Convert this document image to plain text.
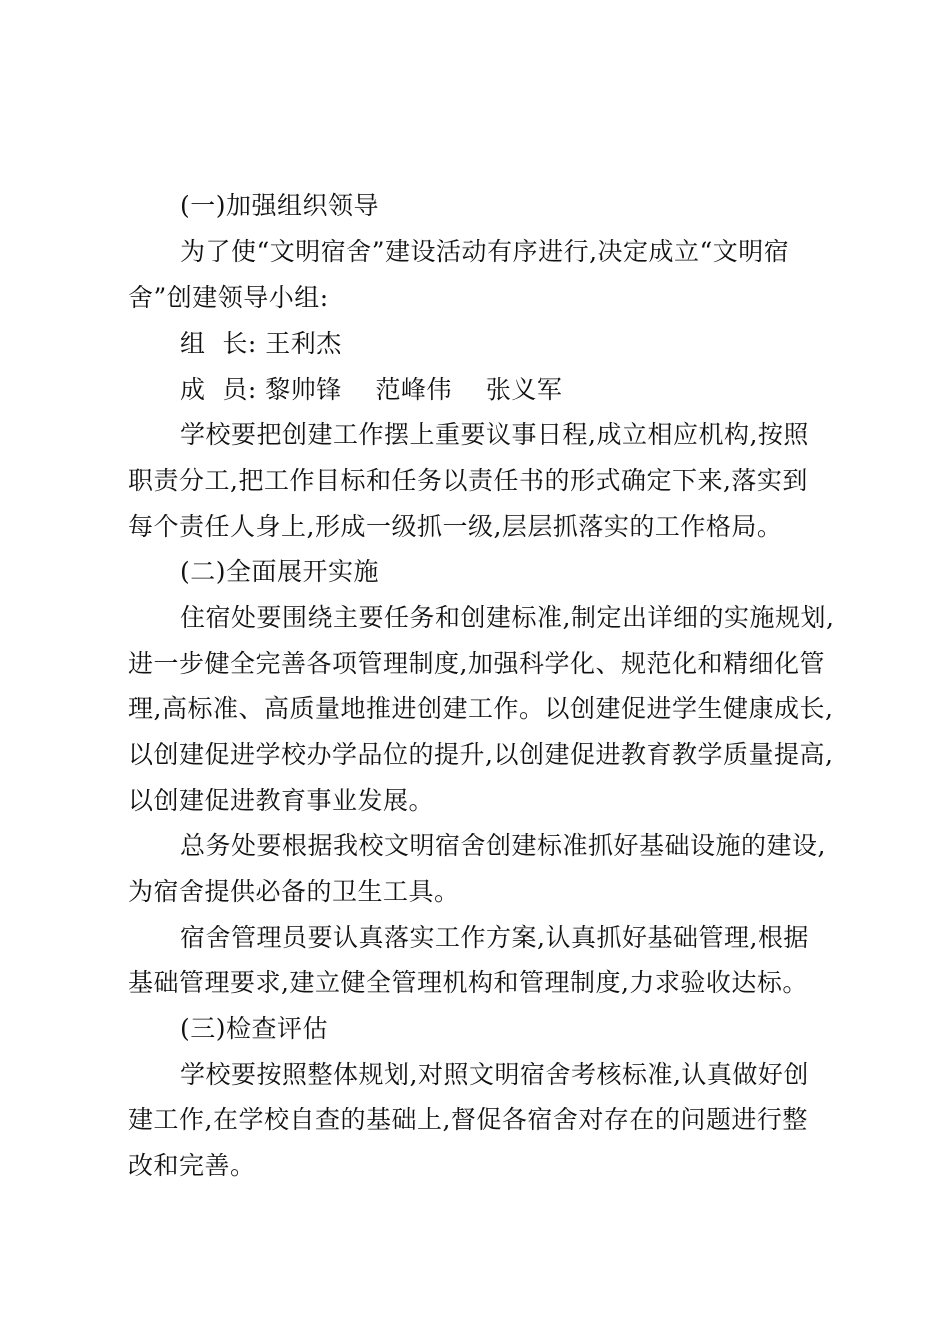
(一)加强组织领导
为了使“文明宿舍”建设活动有序进行,决定成立“文明宿
舍”创建领导小组:
组  长: 王利杰
成  员: 黎帅锋    范峰伟    张义军
学校要把创建工作摆上重要议事日程,成立相应机构,按照
职责分工,把工作目标和任务以责任书的形式确定下来,落实到
每个责任人身上,形成一级抓一级,层层抓落实的工作格局。
(二)全面展开实施
住宿处要围绕主要任务和创建标准,制定出详细的实施规划,
进一步健全完善各项管理制度,加强科学化、规范化和精细化管
理,高标准、高质量地推进创建工作。以创建促进学生健康成长,
以创建促进学校办学品位的提升,以创建促进教育教学质量提高,
以创建促进教育事业发展。
总务处要根据我校文明宿舍创建标准抓好基础设施的建设,
为宿舍提供必备的卫生工具。
宿舍管理员要认真落实工作方案,认真抓好基础管理,根据
基础管理要求,建立健全管理机构和管理制度,力求验收达标。
(三)检查评估
学校要按照整体规划,对照文明宿舍考核标准,认真做好创
建工作,在学校自查的基础上,督促各宿舍对存在的问题进行整
改和完善。
